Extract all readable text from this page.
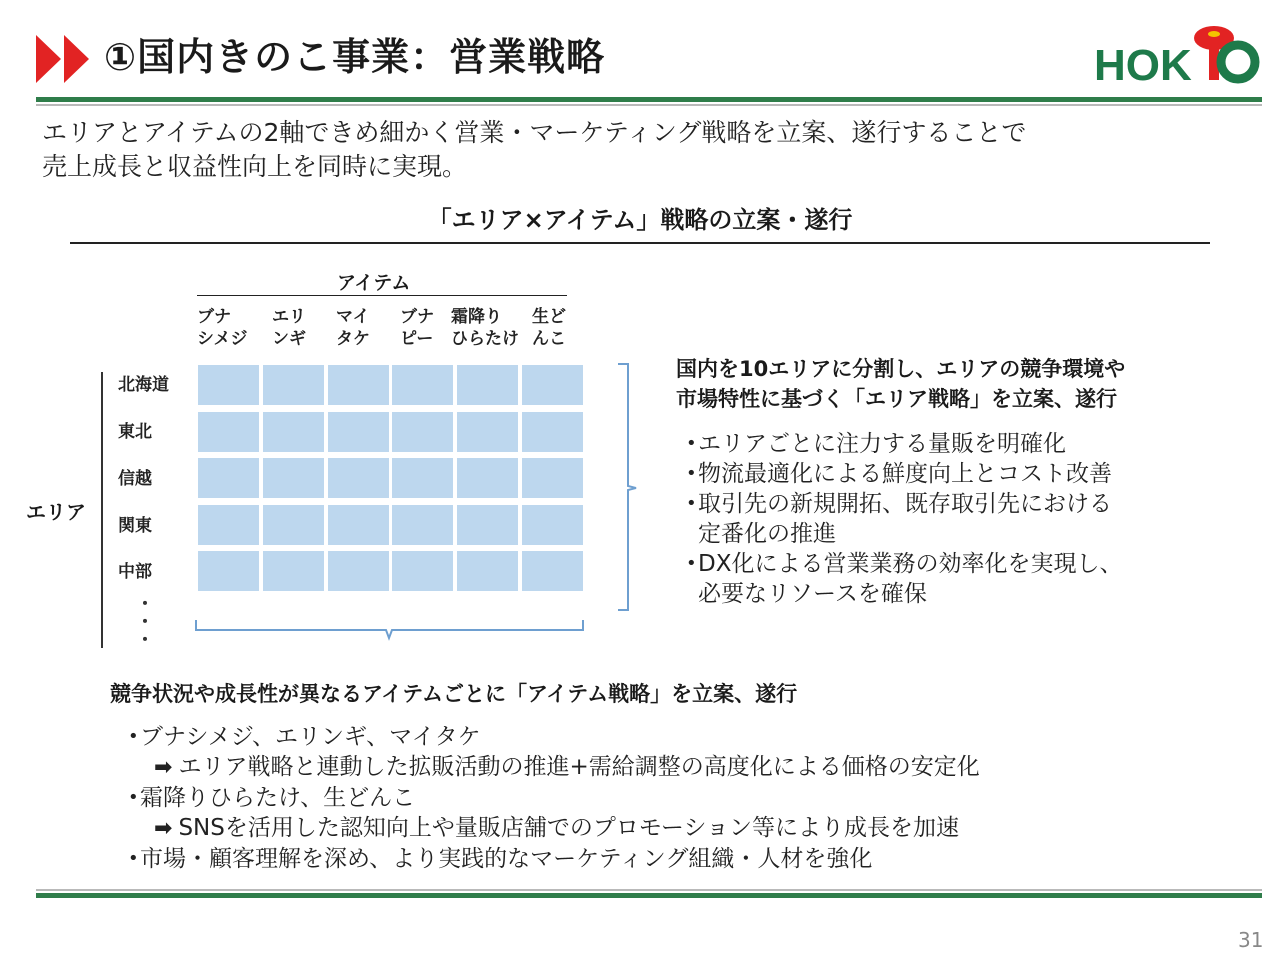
①国内きのこ事業：営業戦略	HOK
エリアとアイテムの2軸できめ細かく営業・マーケティング戦略を立案、遂行することで
売上成長と収益性向上を同時に実現。
「エリア×アイテム」戦略の立案・遂行
アイテム
ブナ
シメジ
エリ
ンギ
マイ
タケ
ブナ
ピー
霜降り
ひらたけ
生ど
んこ
エリア
北海道
東北
信越
関東
中部
・
・
・
国内を10エリアに分割し、エリアの競争環境や
市場特性に基づく「エリア戦略」を立案、遂行
• エリアごとに注力する量販を明確化
• 物流最適化による鮮度向上とコスト改善
• 取引先の新規開拓、既存取引先における
定番化の推進
• DX化による営業業務の効率化を実現し、
必要なリソースを確保
競争状況や成長性が異なるアイテムごとに「アイテム戦略」を立案、遂行
• ブナシメジ、エリンギ、マイタケ
➡ エリア戦略と連動した拡販活動の推進+需給調整の高度化による価格の安定化
• 霜降りひらたけ、生どんこ
➡ SNSを活用した認知向上や量販店舗でのプロモーション等により成長を加速
• 市場・顧客理解を深め、より実践的なマーケティング組織・人材を強化
31
